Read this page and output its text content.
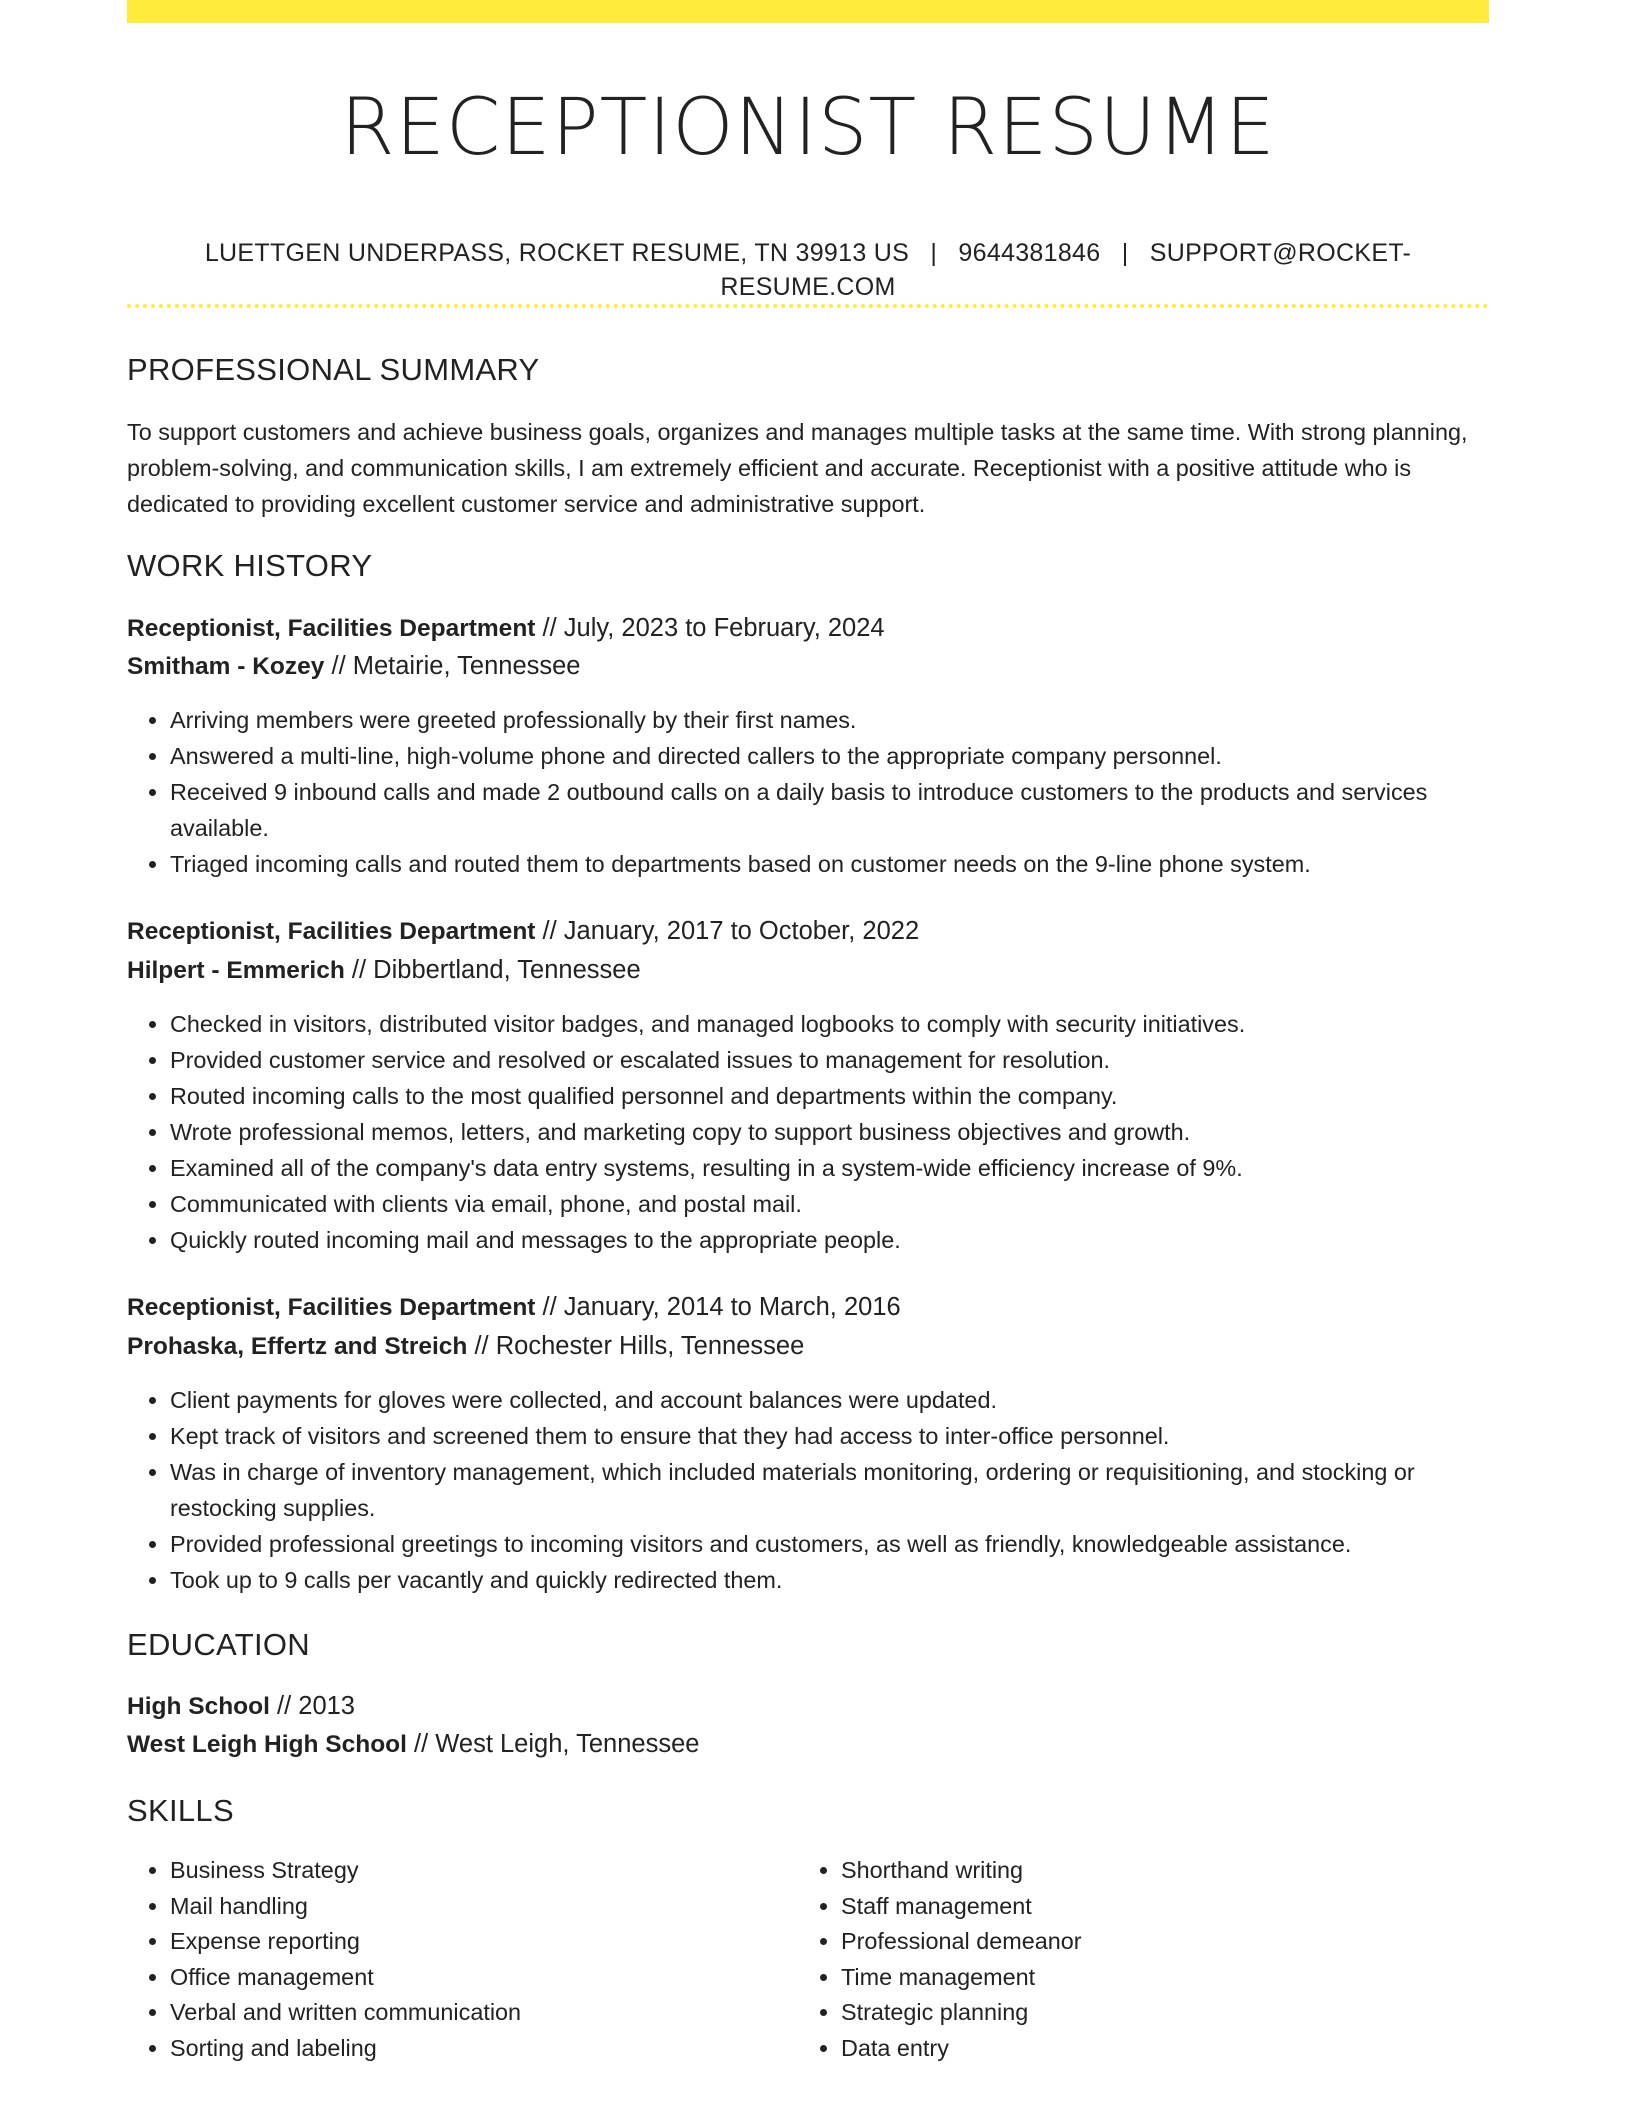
RECEPTIONIST RESUME
LUETTGEN UNDERPASS, ROCKET RESUME, TN 39913 US | 9644381846 | SUPPORT@ROCKET-RESUME.COM
PROFESSIONAL SUMMARY

To support customers and achieve business goals, organizes and manages multiple tasks at the same time. With strong planning, problem-solving, and communication skills, I am extremely efficient and accurate. Receptionist with a positive attitude who is dedicated to providing excellent customer service and administrative support.

WORK HISTORY
Receptionist, Facilities Department // July, 2023 to February, 2024
Smitham - Kozey // Metairie, Tennessee
• Arriving members were greeted professionally by their first names.
• Answered a multi-line, high-volume phone and directed callers to the appropriate company personnel.
• Received 9 inbound calls and made 2 outbound calls on a daily basis to introduce customers to the products and services available.
• Triaged incoming calls and routed them to departments based on customer needs on the 9-line phone system.
Receptionist, Facilities Department // January, 2017 to October, 2022
Hilpert - Emmerich // Dibbertland, Tennessee
• Checked in visitors, distributed visitor badges, and managed logbooks to comply with security initiatives.
• Provided customer service and resolved or escalated issues to management for resolution.
• Routed incoming calls to the most qualified personnel and departments within the company.
• Wrote professional memos, letters, and marketing copy to support business objectives and growth.
• Examined all of the company's data entry systems, resulting in a system-wide efficiency increase of 9%.
• Communicated with clients via email, phone, and postal mail.
• Quickly routed incoming mail and messages to the appropriate people.
Receptionist, Facilities Department // January, 2014 to March, 2016
Prohaska, Effertz and Streich // Rochester Hills, Tennessee
• Client payments for gloves were collected, and account balances were updated.
• Kept track of visitors and screened them to ensure that they had access to inter-office personnel.
• Was in charge of inventory management, which included materials monitoring, ordering or requisitioning, and stocking or restocking supplies.
• Provided professional greetings to incoming visitors and customers, as well as friendly, knowledgeable assistance.
• Took up to 9 calls per vacantly and quickly redirected them.
EDUCATION
High School // 2013
West Leigh High School // West Leigh, Tennessee
SKILLS
• Business Strategy
• Mail handling
• Expense reporting
• Office management
• Verbal and written communication
• Sorting and labeling
• Shorthand writing
• Staff management
• Professional demeanor
• Time management
• Strategic planning
• Data entry
